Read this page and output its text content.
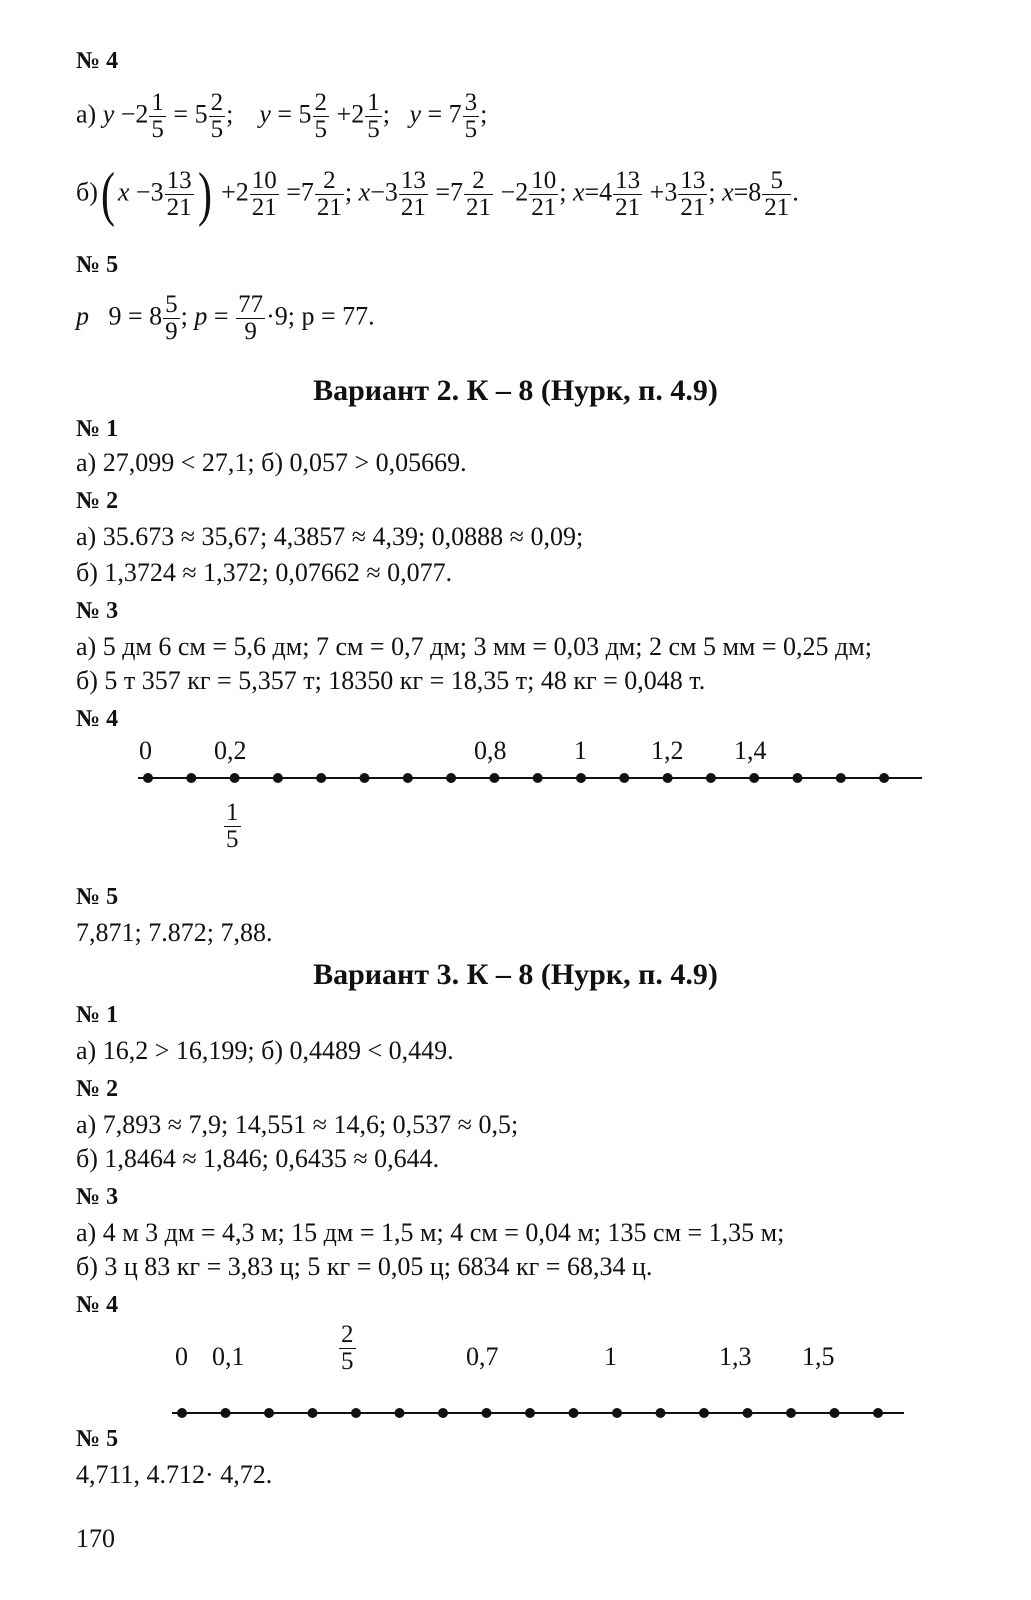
№ 4
а) $y -2 \frac{1}{5} = 5 \frac{2}{5}$ ; $y = 5 \frac{2}{5} +2 \frac{1}{5}$ ; $y = 7 \frac{3}{5}$ ;
б)( $x -3 \frac{13}{21}$ ) $+2 \frac{10}{21} =7 \frac{2}{21}$ ; $x-3 \frac{13}{21} =7 \frac{2}{21} -2 \frac{10}{21}$ ; $x=4 \frac{13}{21} +3 \frac{13}{21}$ ; $x=8 \frac{5}{21}$ .
№ 5
p $9 = 8 \frac{5}{9}$ ; $p = \frac{77}{9} \cdot 9$; p = 77.
Вариант 2. К – 8 (Нурк, п. 4.9)
№ 1
а) 27,099 < 27,1; б) 0,057 > 0,05669.
№ 2
а) 35.673 ≈ 35,67; 4,3857 ≈ 4,39; 0,0888 ≈ 0,09;
б) 1,3724 ≈ 1,372; 0,07662 ≈ 0,077.
№ 3
а) 5 дм 6 см = 5,6 дм; 7 см = 0,7 дм; 3 мм = 0,03 дм; 2 см 5 мм = 0,25 дм;
б) 5 т 357 кг = 5,357 т; 18350 кг = 18,35 т; 48 кг = 0,048 т.
№ 4
0 0,2	0,8	1 1,2 1,4
$\frac{1}{5}$
№ 5
7,871; 7.872; 7,88.
Вариант 3. К – 8 (Нурк, п. 4.9)
№ 1
а) 16,2 > 16,199; б) 0,4489 < 0,449.
№ 2
а) 7,893 ≈ 7,9; 14,551 ≈ 14,6; 0,537 ≈ 0,5;
б) 1,8464 ≈ 1,846; 0,6435 ≈ 0,644.
№ 3
а) 4 м 3 дм = 4,3 м; 15 дм = 1,5 м; 4 см = 0,04 м; 135 см = 1,35 м;
б) 3 ц 83 кг = 3,83 ц; 5 кг = 0,05 ц; 6834 кг = 68,34 ц.
№ 4
0 0,1	0,7	1	1,3 1,5
$\frac{2}{5}$
№ 5
4,711, 4.712· 4,72.
170
